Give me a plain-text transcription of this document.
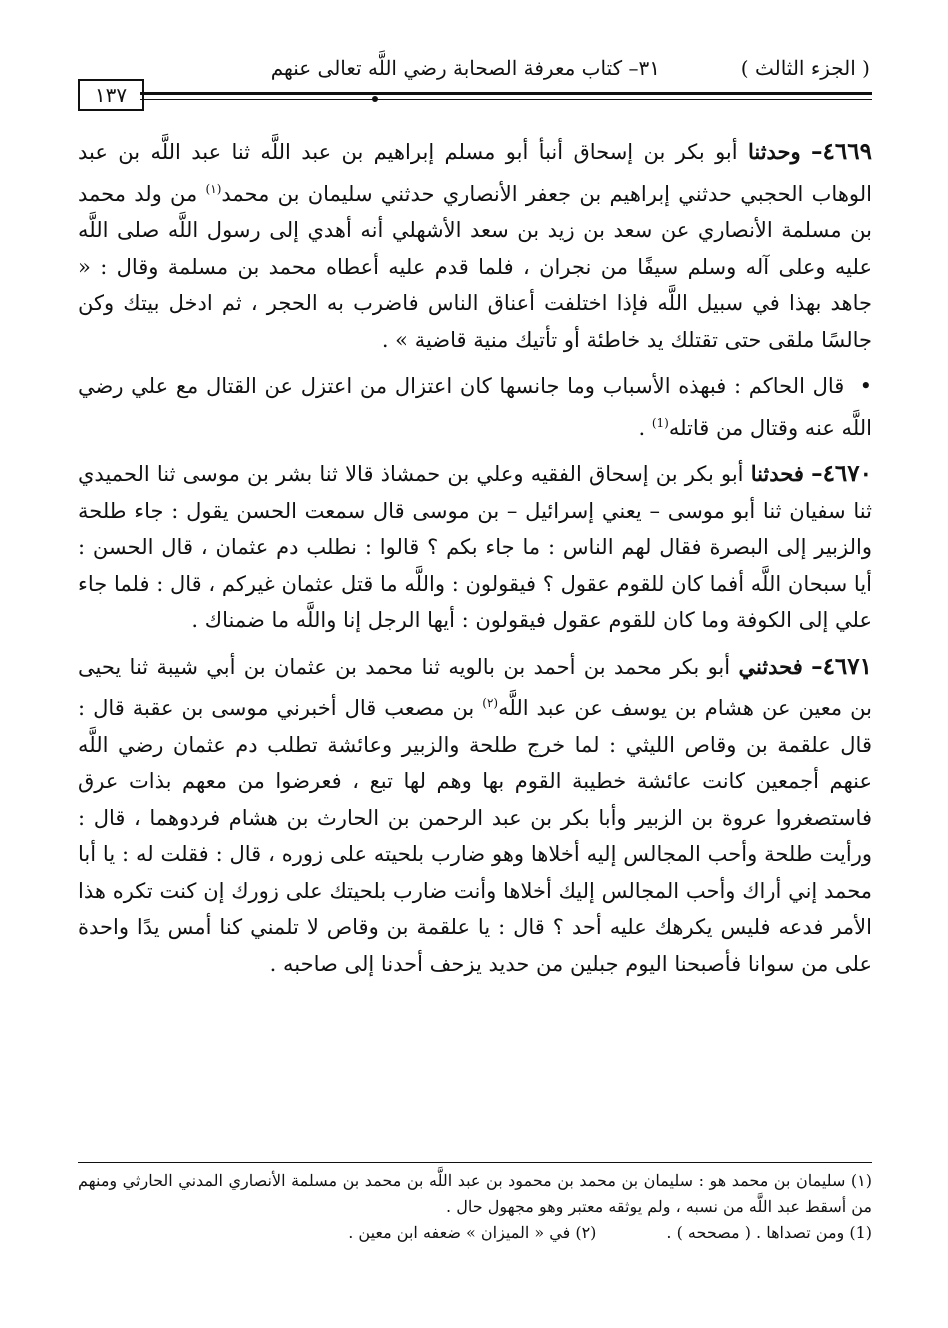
( الجزء الثالث )
٣١– كتاب معرفة الصحابة رضي اللَّه تعالى عنهم
١٣٧

٤٦٦٩– وحدثنا أبو بكر بن إسحاق أنبأ أبو مسلم إبراهيم بن عبد اللَّه ثنا عبد اللَّه بن عبد الوهاب الحجبي حدثني إبراهيم بن جعفر الأنصاري حدثني سليمان بن محمد$^{(١)}$ من ولد محمد بن مسلمة الأنصاري عن سعد بن زيد بن سعد الأشهلي أنه أهدي إلى رسول اللَّه صلى اللَّه عليه وعلى آله وسلم سيفًا من نجران ، فلما قدم عليه أعطاه محمد بن مسلمة وقال : « جاهد بهذا في سبيل اللَّه فإذا اختلفت أعناق الناس فاضرب به الحجر ، ثم ادخل بيتك وكن جالسًا ملقى حتى تقتلك يد خاطئة أو تأتيك منية قاضية » .

• قال الحاكم : فبهذه الأسباب وما جانسها كان اعتزال من اعتزل عن القتال مع علي رضي اللَّه عنه وقتال من قاتله$^{(1)}$ .

٤٦٧٠– فحدثنا أبو بكر بن إسحاق الفقيه وعلي بن حمشاذ قالا ثنا بشر بن موسى ثنا الحميدي ثنا سفيان ثنا أبو موسى – يعني إسرائيل – بن موسى قال سمعت الحسن يقول : جاء طلحة والزبير إلى البصرة فقال لهم الناس : ما جاء بكم ؟ قالوا : نطلب دم عثمان ، قال الحسن : أيا سبحان اللَّه أفما كان للقوم عقول ؟ فيقولون : واللَّه ما قتل عثمان غيركم ، قال : فلما جاء علي إلى الكوفة وما كان للقوم عقول فيقولون : أيها الرجل إنا واللَّه ما ضمناك .

٤٦٧١– فحدثني أبو بكر محمد بن أحمد بن بالويه ثنا محمد بن عثمان بن أبي شيبة ثنا يحيى بن معين عن هشام بن يوسف عن عبد اللَّه$^{(٢)}$ بن مصعب قال أخبرني موسى بن عقبة قال : قال علقمة بن وقاص الليثي : لما خرج طلحة والزبير وعائشة تطلب دم عثمان رضي اللَّه عنهم أجمعين كانت عائشة خطيبة القوم بها وهم لها تبع ، فعرضوا من معهم بذات عرق فاستصغروا عروة بن الزبير وأبا بكر بن عبد الرحمن بن الحارث بن هشام فردوهما ، قال : ورأيت طلحة وأحب المجالس إليه أخلاها وهو ضارب بلحيته على زوره ، قال : فقلت له : يا أبا محمد إني أراك وأحب المجالس إليك أخلاها وأنت ضارب بلحيتك على زورك إن كنت تكره هذا الأمر فدعه فليس يكرهك عليه أحد ؟ قال : يا علقمة بن وقاص لا تلمني كنا أمس يدًا واحدة على من سوانا فأصبحنا اليوم جبلين من حديد يزحف أحدنا إلى صاحبه .

(١) سليمان بن محمد هو : سليمان بن محمد بن محمود بن عبد اللَّه بن محمد بن مسلمة الأنصاري المدني الحارثي ومنهم من أسقط عبد اللَّه من نسبه ، ولم يوثقه معتبر وهو مجهول حال .

(1) ومن تصداها . ( مصححه ) .
(٢) في « الميزان » ضعفه ابن معين .
